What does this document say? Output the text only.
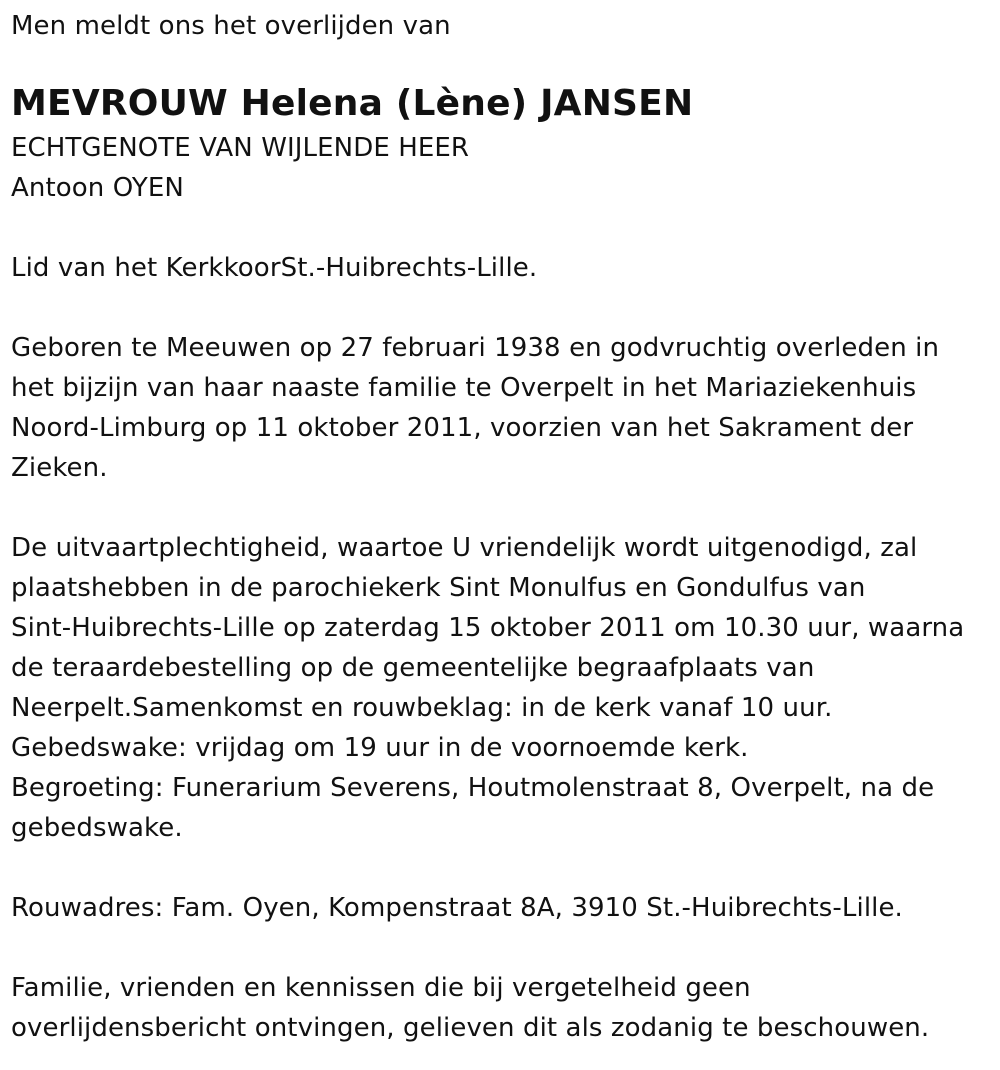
Men meldt ons het overlijden van
MEVROUW Helena (Lène) JANSEN
ECHTGENOTE VAN WIJLENDE HEER
Antoon OYEN
Lid van het KerkkoorSt.-Huibrechts-Lille.
Geboren te Meeuwen op 27 februari 1938 en godvruchtig overleden in
het bijzijn van haar naaste familie te Overpelt in het Mariaziekenhuis
Noord-Limburg op 11 oktober 2011, voorzien van het Sakrament der
Zieken.
De uitvaartplechtigheid, waartoe U vriendelijk wordt uitgenodigd, zal
plaatshebben in de parochiekerk Sint Monulfus en Gondulfus van
Sint-Huibrechts-Lille op zaterdag 15 oktober 2011 om 10.30 uur, waarna
de teraardebestelling op de gemeentelijke begraafplaats van
Neerpelt.Samenkomst en rouwbeklag: in de kerk vanaf 10 uur.
Gebedswake: vrijdag om 19 uur in de voornoemde kerk.
Begroeting: Funerarium Severens, Houtmolenstraat 8, Overpelt, na de
gebedswake.
Rouwadres: Fam. Oyen, Kompenstraat 8A, 3910 St.-Huibrechts-Lille.
Familie, vrienden en kennissen die bij vergetelheid geen
overlijdensbericht ontvingen, gelieven dit als zodanig te beschouwen.
